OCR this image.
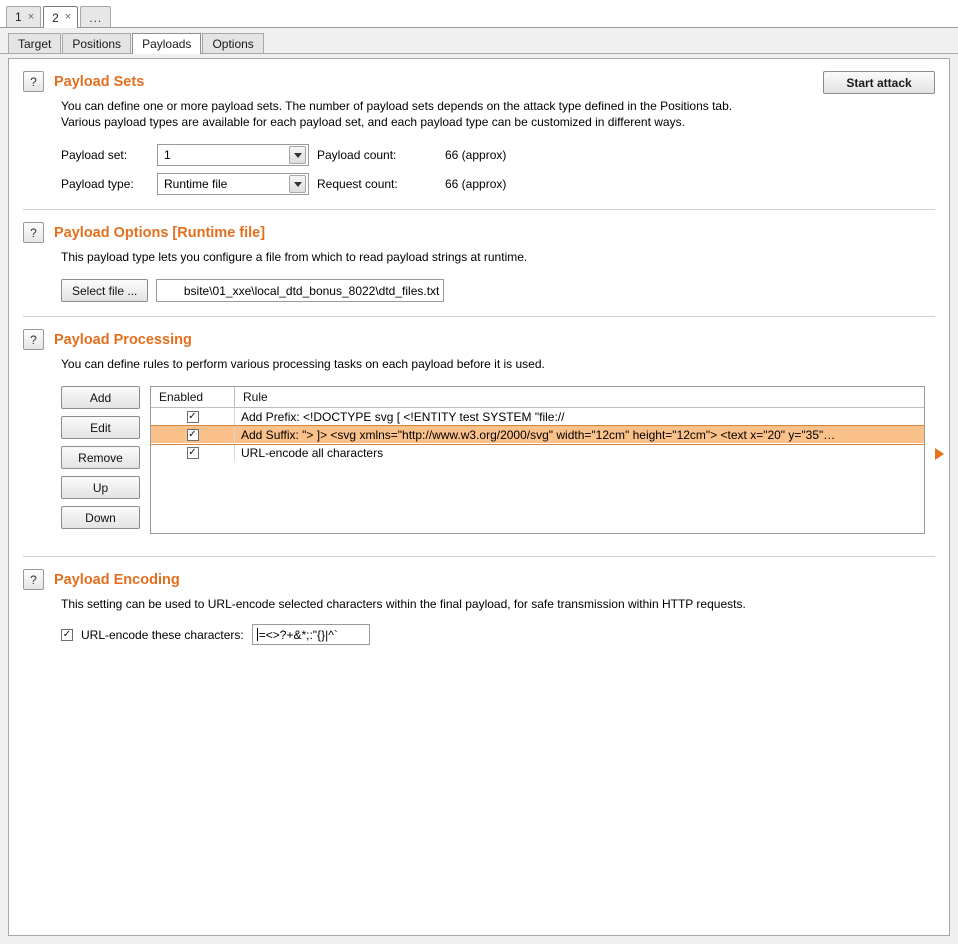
1 × 2 ×	...
Target	Positions	Payloads	Options
Start attack
?	Payload Sets
You can define one or more payload sets. The number of payload sets depends on the attack type defined in the Positions tab.
Various payload types are available for each payload set, and each payload type can be customized in different ways.
Payload set:	1	Payload count:	66 (approx)
Payload type:	Runtime file	Request count:	66 (approx)
?	Payload Options [Runtime file]
This payload type lets you configure a file from which to read payload strings at runtime.
Select file ...	bsite\01_xxe\local_dtd_bonus_8022\dtd_files.txt
?	Payload Processing
You can define rules to perform various processing tasks on each payload before it is used.
Add
Edit
Remove
Up
Down
Enabled	Rule
✓	Add Prefix: <!DOCTYPE svg [ <!ENTITY test SYSTEM "file://
✓	Add Suffix: "> ]> <svg xmlns="http://www.w3.org/2000/svg" width="12cm" height="12cm"> <text x="20" y="35"…
✓	URL-encode all characters
?	Payload Encoding
This setting can be used to URL-encode selected characters within the final payload, for safe transmission within HTTP requests.
✓ URL-encode these characters: =<>?+&*;:"{}|^`
